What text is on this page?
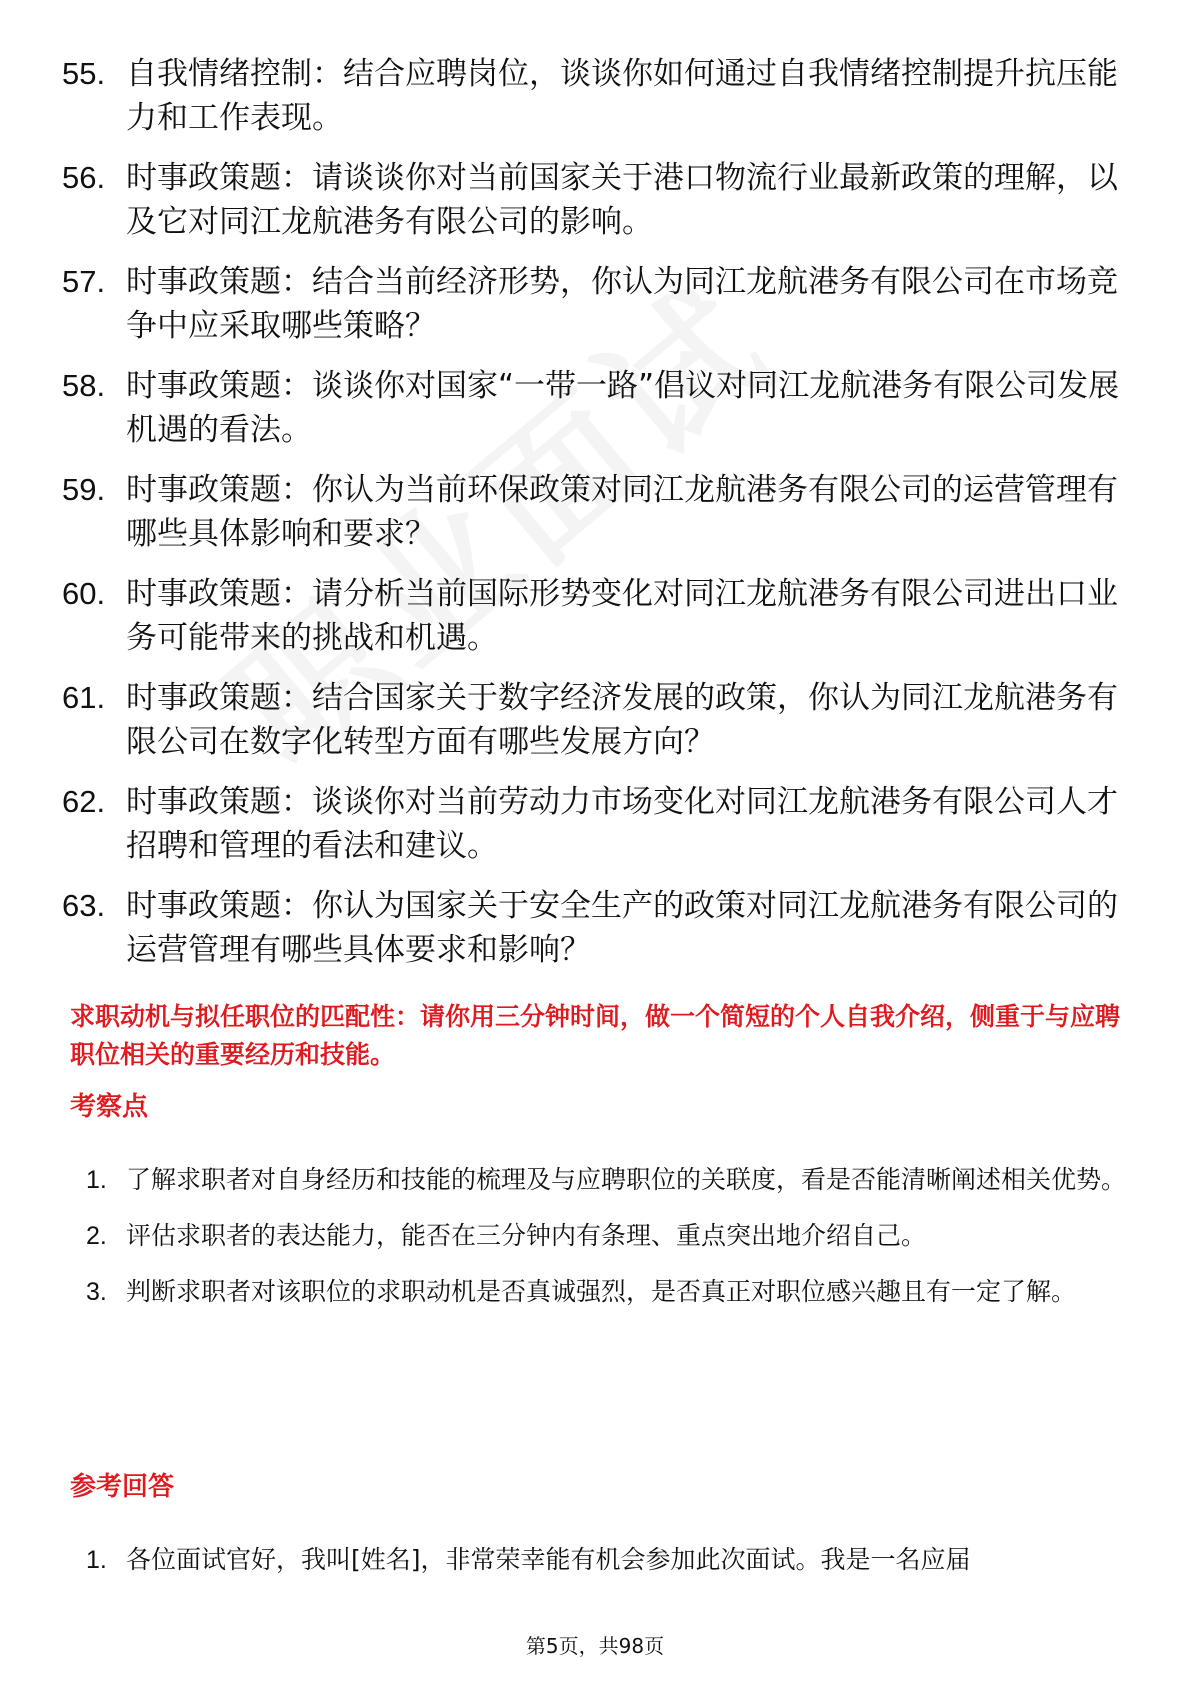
55. 自我情绪控制：结合应聘岗位，谈谈你如何通过自我情绪控制提升抗压能力和工作表现。
56. 时事政策题：请谈谈你对当前国家关于港口物流行业最新政策的理解，以及它对同江龙航港务有限公司的影响。
57. 时事政策题：结合当前经济形势，你认为同江龙航港务有限公司在市场竞争中应采取哪些策略？
58. 时事政策题：谈谈你对国家“一带一路”倡议对同江龙航港务有限公司发展机遇的看法。
59. 时事政策题：你认为当前环保政策对同江龙航港务有限公司的运营管理有哪些具体影响和要求？
60. 时事政策题：请分析当前国际形势变化对同江龙航港务有限公司进出口业务可能带来的挑战和机遇。
61. 时事政策题：结合国家关于数字经济发展的政策，你认为同江龙航港务有限公司在数字化转型方面有哪些发展方向？
62. 时事政策题：谈谈你对当前劳动力市场变化对同江龙航港务有限公司人才招聘和管理的看法和建议。
63. 时事政策题：你认为国家关于安全生产的政策对同江龙航港务有限公司的运营管理有哪些具体要求和影响？
求职动机与拟任职位的匹配性：请你用三分钟时间，做一个简短的个人自我介绍，侧重于与应聘职位相关的重要经历和技能。
考察点
1. 了解求职者对自身经历和技能的梳理及与应聘职位的关联度，看是否能清晰阐述相关优势。
2. 评估求职者的表达能力，能否在三分钟内有条理、重点突出地介绍自己。
3. 判断求职者对该职位的求职动机是否真诚强烈，是否真正对职位感兴趣且有一定了解。
参考回答
1. 各位面试官好，我叫[姓名]，非常荣幸能有机会参加此次面试。我是一名应届
第5页，共98页
